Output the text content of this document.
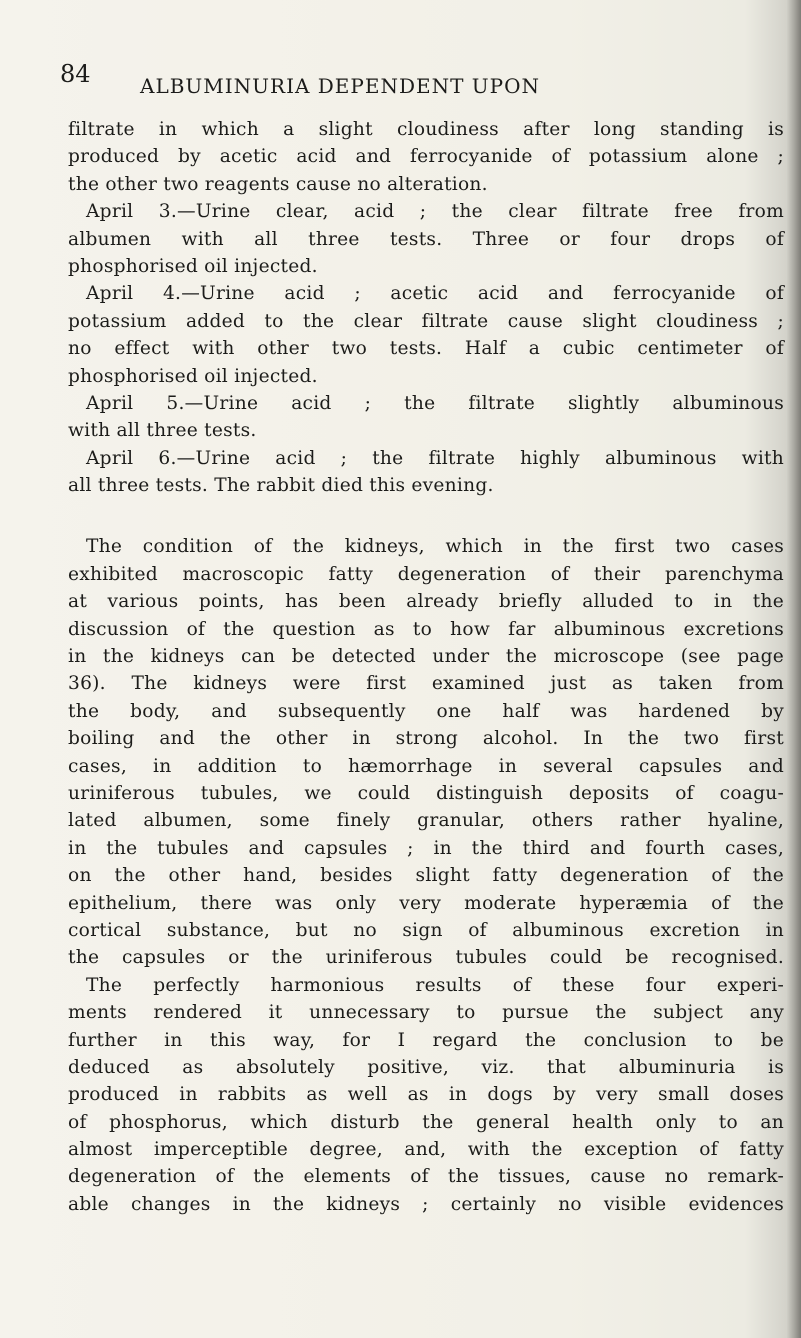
84 ALBUMINURIA DEPENDENT UPON
filtrate in which a slight cloudiness after long standing is
produced by acetic acid and ferrocyanide of potassium alone ;
the other two reagents cause no alteration.
April 3.—Urine clear, acid ; the clear filtrate free from
albumen with all three tests. Three or four drops of
phosphorised oil injected.
April 4.—Urine acid ; acetic acid and ferrocyanide of
potassium added to the clear filtrate cause slight cloudiness ;
no effect with other two tests. Half a cubic centimeter of
phosphorised oil injected.
April 5.—Urine acid ; the filtrate slightly albuminous
with all three tests.
April 6.—Urine acid ; the filtrate highly albuminous with
all three tests. The rabbit died this evening.
The condition of the kidneys, which in the first two cases
exhibited macroscopic fatty degeneration of their parenchyma
at various points, has been already briefly alluded to in the
discussion of the question as to how far albuminous excretions
in the kidneys can be detected under the microscope (see page
36). The kidneys were first examined just as taken from
the body, and subsequently one half was hardened by
boiling and the other in strong alcohol. In the two first
cases, in addition to hæmorrhage in several capsules and
uriniferous tubules, we could distinguish deposits of coagu-
lated albumen, some finely granular, others rather hyaline,
in the tubules and capsules ; in the third and fourth cases,
on the other hand, besides slight fatty degeneration of the
epithelium, there was only very moderate hyperæmia of the
cortical substance, but no sign of albuminous excretion in
the capsules or the uriniferous tubules could be recognised.
The perfectly harmonious results of these four experi-
ments rendered it unnecessary to pursue the subject any
further in this way, for I regard the conclusion to be
deduced as absolutely positive, viz. that albuminuria is
produced in rabbits as well as in dogs by very small doses
of phosphorus, which disturb the general health only to an
almost imperceptible degree, and, with the exception of fatty
degeneration of the elements of the tissues, cause no remark-
able changes in the kidneys ; certainly no visible evidences
